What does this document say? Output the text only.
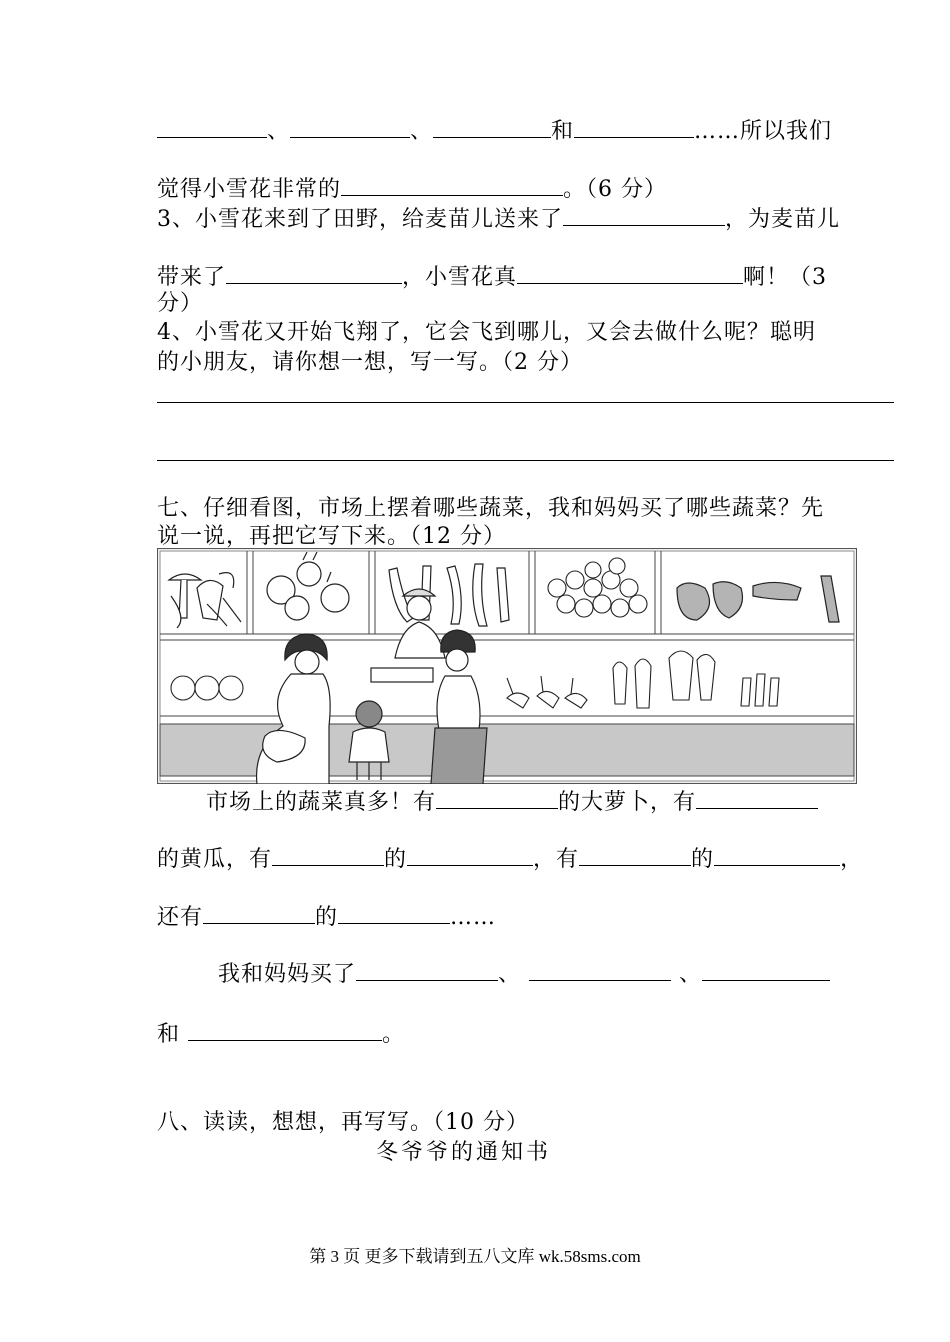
、	、	和	……所以我们
觉得小雪花非常的	。（6 分）
3、小雪花来到了田野，给麦苗儿送来了	，为麦苗儿
带来了	，小雪花真	啊！（3
分）
4、小雪花又开始飞翔了，它会飞到哪儿，又会去做什么呢？聪明
的小朋友，请你想一想，写一写。（2 分）
七、仔细看图，市场上摆着哪些蔬菜，我和妈妈买了哪些蔬菜？先
说一说，再把它写下来。（12 分）
市场上的蔬菜真多！有	的大萝卜，有
的黄瓜，有	的	，有	的	，
还有	的	……
我和妈妈买了	、	、
和	。
八、读读，想想，再写写。（10 分）
冬爷爷的通知书
第 3 页 更多下载请到五八文库 wk.58sms.com
